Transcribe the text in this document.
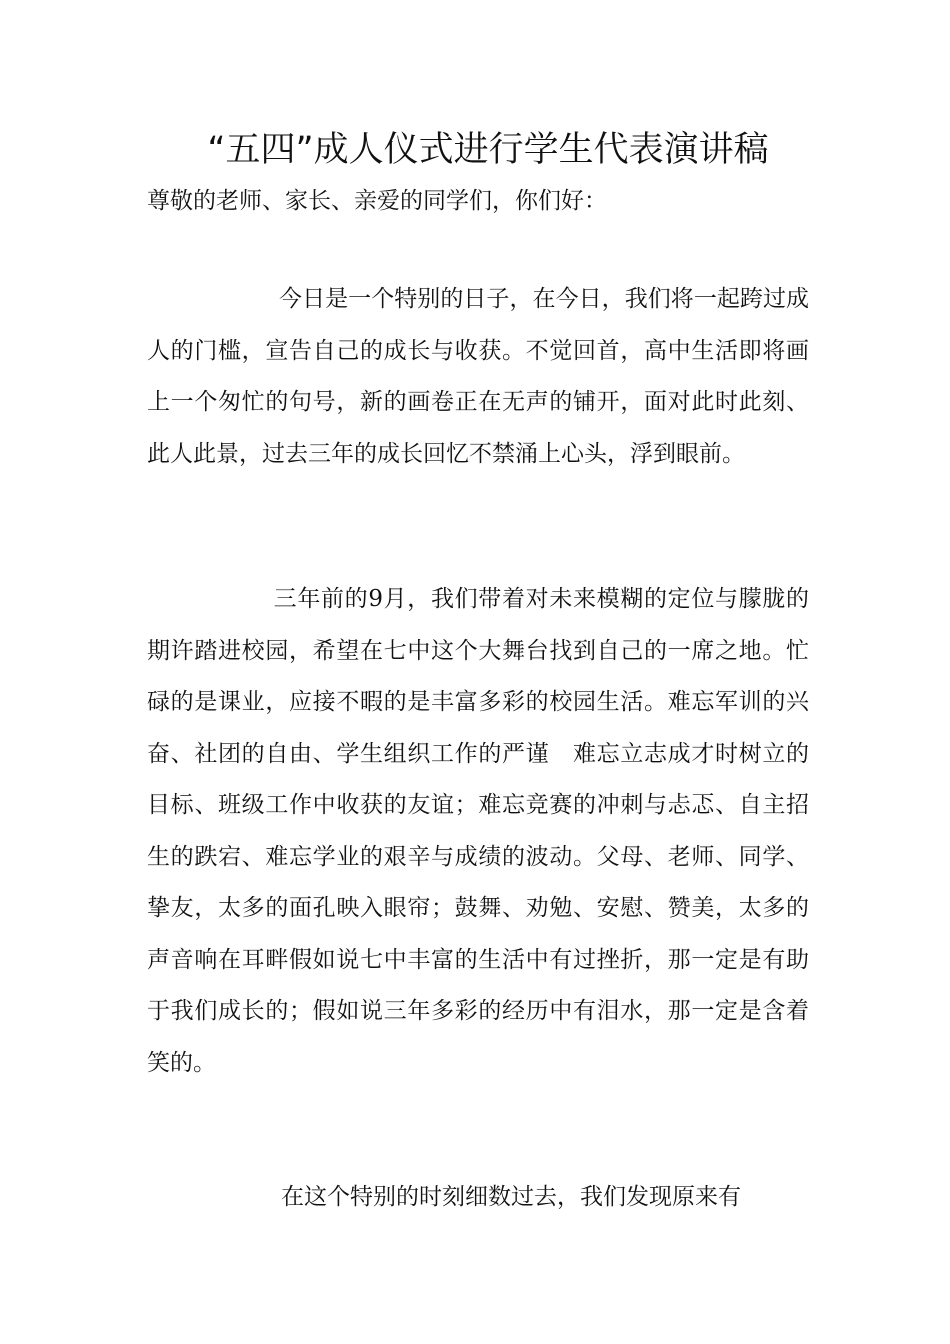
“五四”成人仪式进行学生代表演讲稿
尊敬的老师、家长、亲爱的同学们，你们好：

今日是一个特别的日子，在今日，我们将一起跨过成人的门槛，宣告自己的成长与收获。不觉回首，高中生活即将画上一个匆忙的句号，新的画卷正在无声的铺开，面对此时此刻、此人此景，过去三年的成长回忆不禁涌上心头，浮到眼前。

三年前的9月，我们带着对未来模糊的定位与朦胧的期许踏进校园，希望在七中这个大舞台找到自己的一席之地。忙碌的是课业，应接不暇的是丰富多彩的校园生活。难忘军训的兴奋、社团的自由、学生组织工作的严谨　难忘立志成才时树立的目标、班级工作中收获的友谊；难忘竞赛的冲刺与忐忑、自主招生的跌宕、难忘学业的艰辛与成绩的波动。父母、老师、同学、挚友，太多的面孔映入眼帘；鼓舞、劝勉、安慰、赞美，太多的声音响在耳畔假如说七中丰富的生活中有过挫折，那一定是有助于我们成长的；假如说三年多彩的经历中有泪水，那一定是含着笑的。

在这个特别的时刻细数过去，我们发现原来有
